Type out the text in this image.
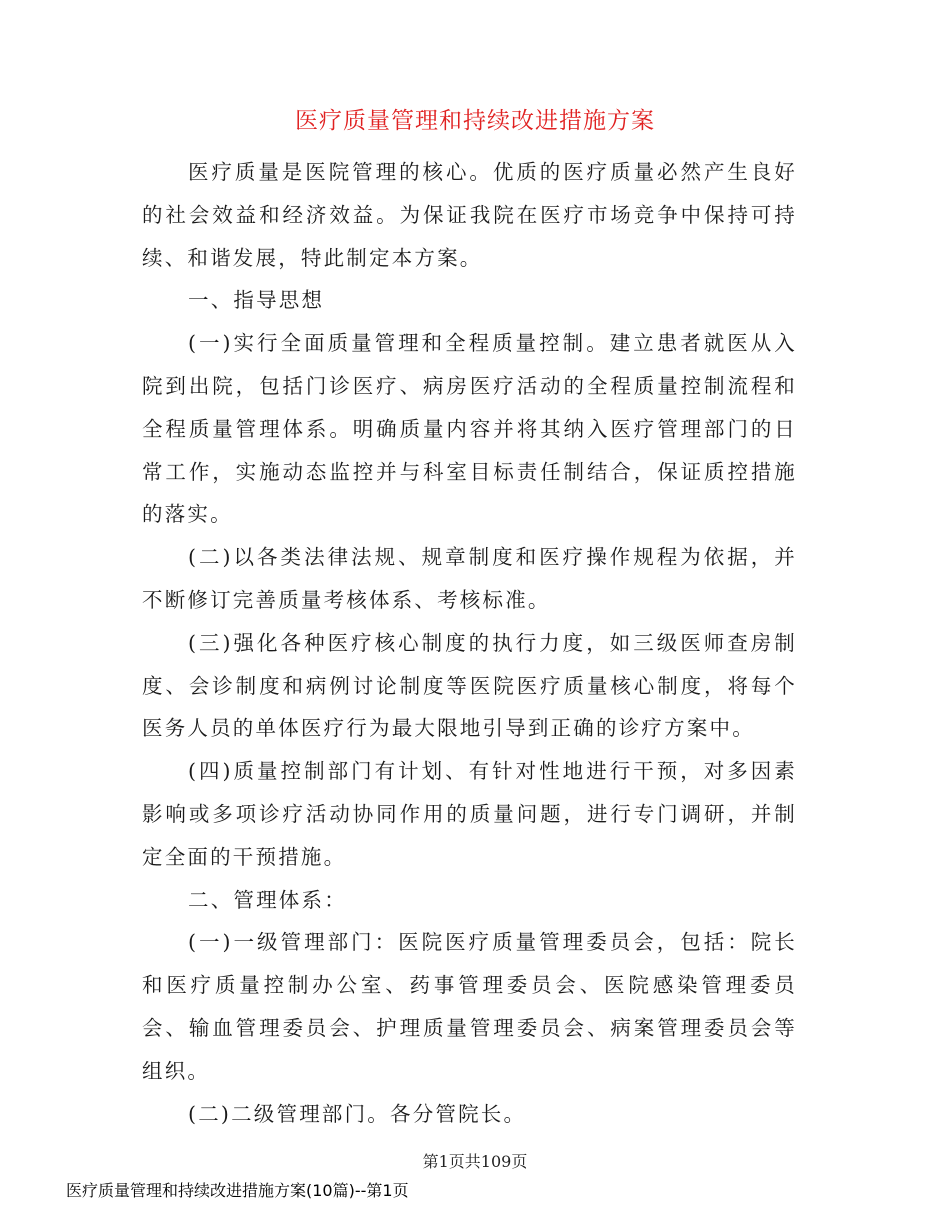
医疗质量管理和持续改进措施方案

医疗质量是医院管理的核心。优质的医疗质量必然产生良好的社会效益和经济效益。为保证我院在医疗市场竞争中保持可持续、和谐发展，特此制定本方案。

一、指导思想

(一)实行全面质量管理和全程质量控制。建立患者就医从入院到出院，包括门诊医疗、病房医疗活动的全程质量控制流程和全程质量管理体系。明确质量内容并将其纳入医疗管理部门的日常工作，实施动态监控并与科室目标责任制结合，保证质控措施的落实。

(二)以各类法律法规、规章制度和医疗操作规程为依据，并不断修订完善质量考核体系、考核标准。

(三)强化各种医疗核心制度的执行力度，如三级医师查房制度、会诊制度和病例讨论制度等医院医疗质量核心制度，将每个医务人员的单体医疗行为最大限地引导到正确的诊疗方案中。

(四)质量控制部门有计划、有针对性地进行干预，对多因素影响或多项诊疗活动协同作用的质量问题，进行专门调研，并制定全面的干预措施。

二、管理体系：

(一)一级管理部门：医院医疗质量管理委员会，包括：院长和医疗质量控制办公室、药事管理委员会、医院感染管理委员会、输血管理委员会、护理质量管理委员会、病案管理委员会等组织。

(二)二级管理部门。各分管院长。

第1页共109页
医疗质量管理和持续改进措施方案(10篇)--第1页
